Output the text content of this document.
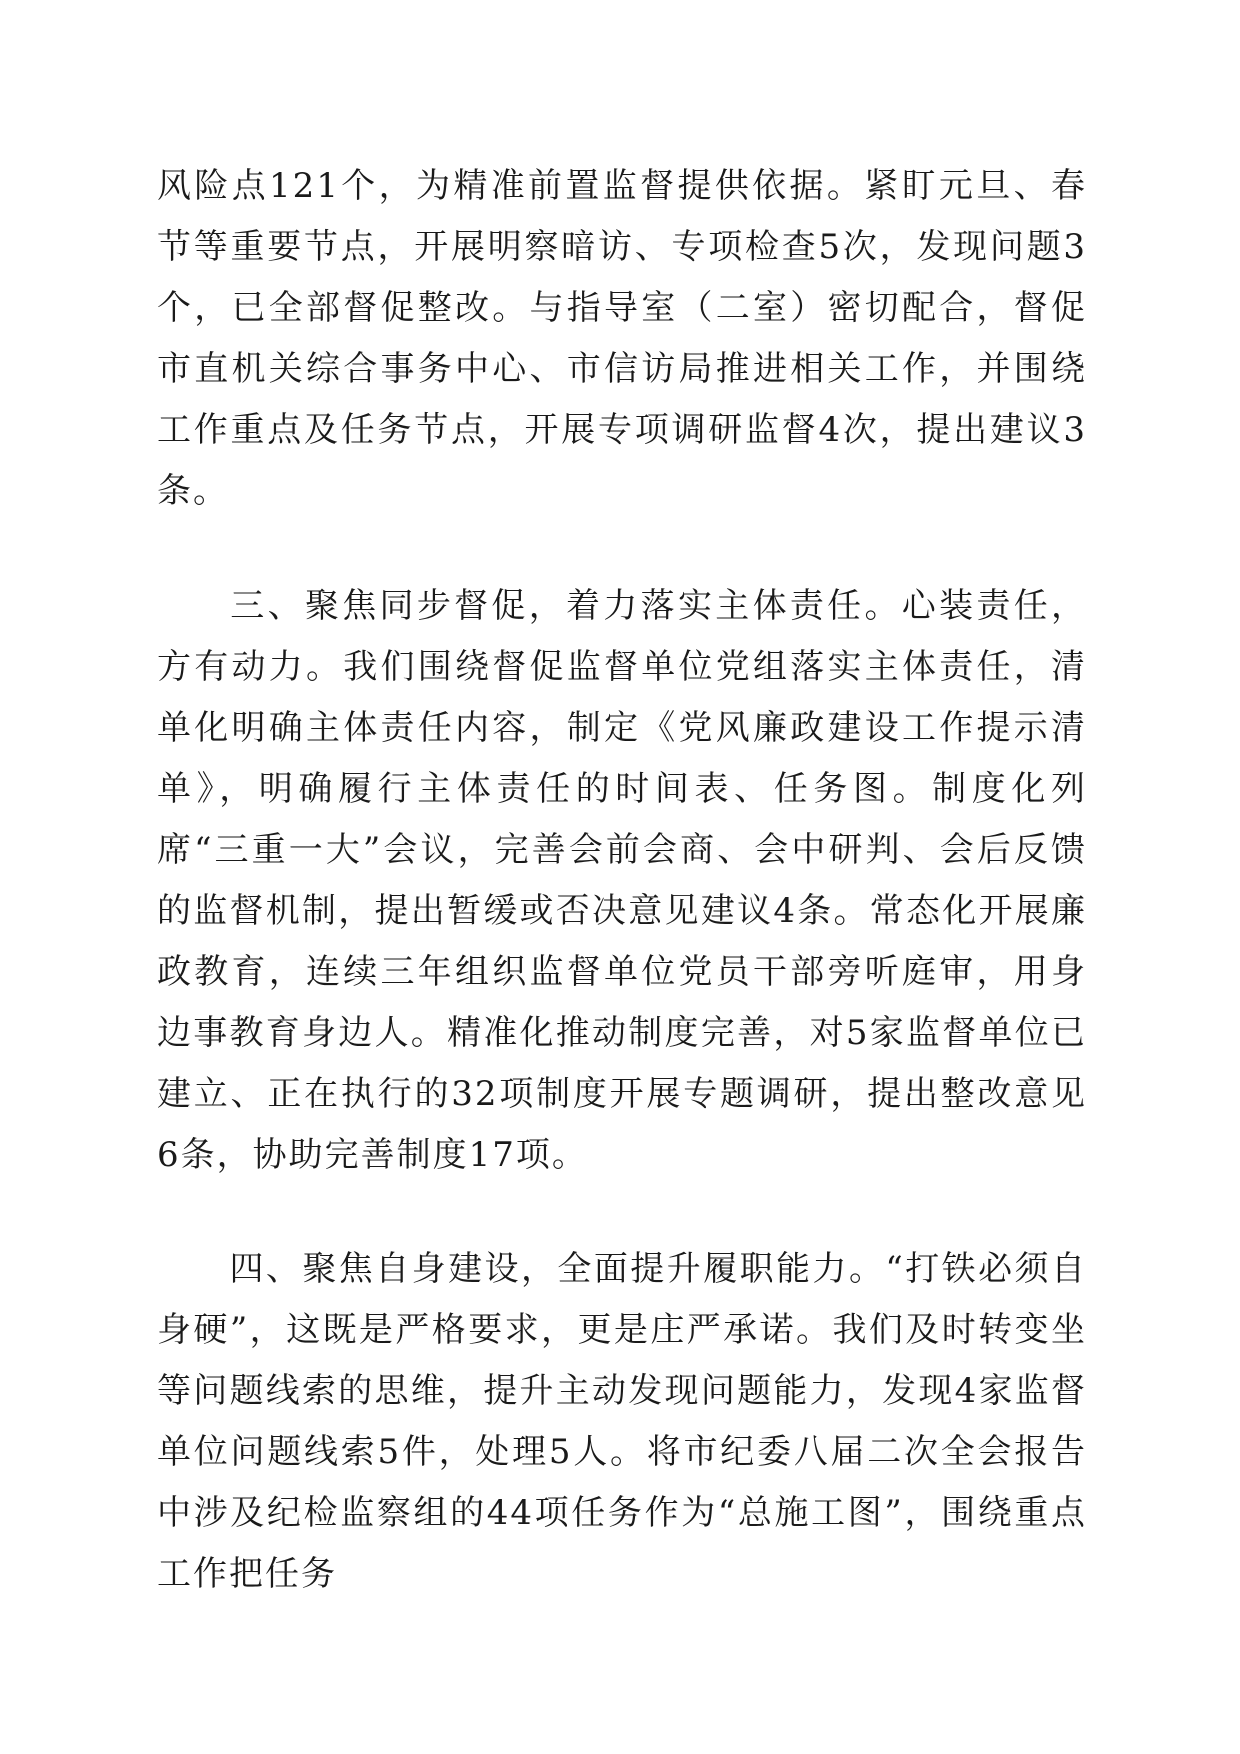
风险点121个，为精准前置监督提供依据。紧盯元旦、春节等重要节点，开展明察暗访、专项检查5次，发现问题3个，已全部督促整改。与指导室（二室）密切配合，督促市直机关综合事务中心、市信访局推进相关工作，并围绕工作重点及任务节点，开展专项调研监督4次，提出建议3条。

三、聚焦同步督促，着力落实主体责任。心装责任，方有动力。我们围绕督促监督单位党组落实主体责任，清单化明确主体责任内容，制定《党风廉政建设工作提示清单》，明确履行主体责任的时间表、任务图。制度化列席“三重一大”会议，完善会前会商、会中研判、会后反馈的监督机制，提出暂缓或否决意见建议4条。常态化开展廉政教育，连续三年组织监督单位党员干部旁听庭审，用身边事教育身边人。精准化推动制度完善，对5家监督单位已建立、正在执行的32项制度开展专题调研，提出整改意见6条，协助完善制度17项。

四、聚焦自身建设，全面提升履职能力。“打铁必须自身硬”，这既是严格要求，更是庄严承诺。我们及时转变坐等问题线索的思维，提升主动发现问题能力，发现4家监督单位问题线索5件，处理5人。将市纪委八届二次全会报告中涉及纪检监察组的44项任务作为“总施工图”，围绕重点工作把任务
